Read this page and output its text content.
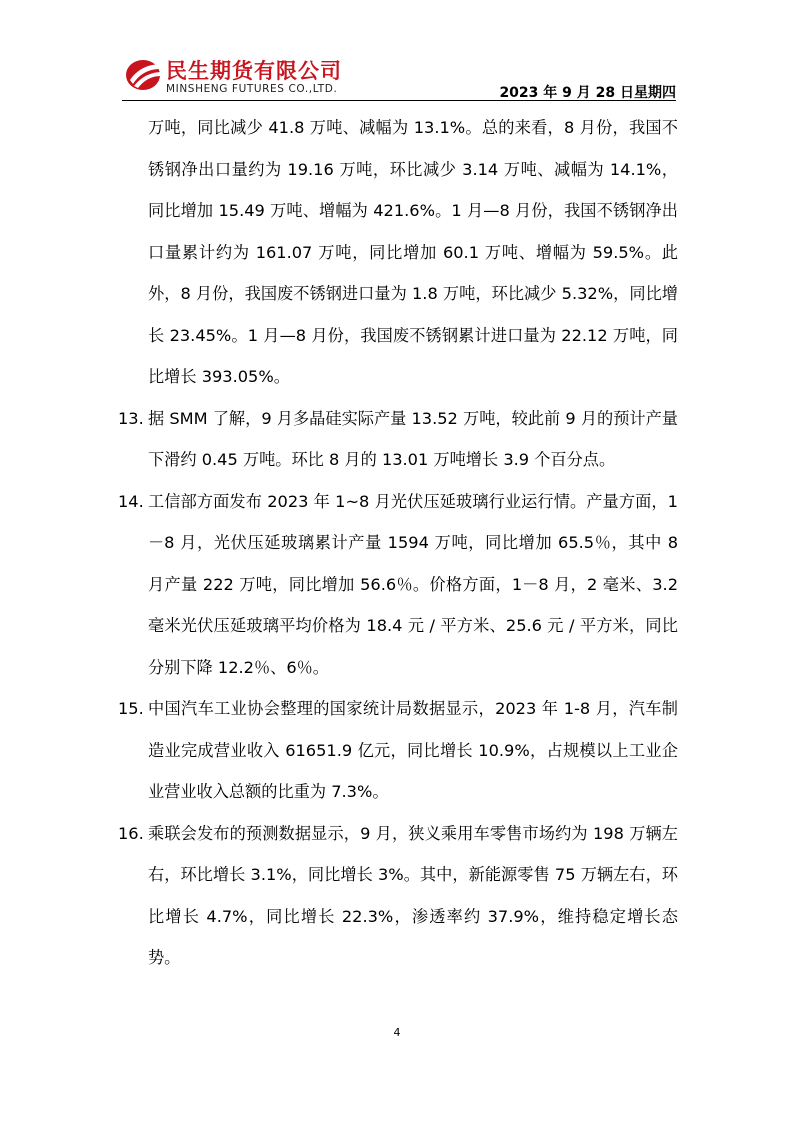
民生期货有限公司
MINSHENG FUTURES CO.,LTD.	2023 年 9 月 28 日星期四
万吨，同比减少 41.8 万吨、减幅为 13.1%。总的来看，8 月份，我国不锈钢净出口量约为 19.16 万吨，环比减少 3.14 万吨、减幅为 14.1%，同比增加 15.49 万吨、增幅为 421.6%。1 月—8 月份，我国不锈钢净出口量累计约为 161.07 万吨，同比增加 60.1 万吨、增幅为 59.5%。此外，8 月份，我国废不锈钢进口量为 1.8 万吨，环比减少 5.32%，同比增长 23.45%。1 月—8 月份，我国废不锈钢累计进口量为 22.12 万吨，同比增长 393.05%。
13. 据 SMM 了解，9 月多晶硅实际产量 13.52 万吨，较此前 9 月的预计产量下滑约 0.45 万吨。环比 8 月的 13.01 万吨增长 3.9 个百分点。
14. 工信部方面发布 2023 年 1~8 月光伏压延玻璃行业运行情。产量方面，1－8 月，光伏压延玻璃累计产量 1594 万吨，同比增加 65.5％，其中 8 月产量 222 万吨，同比增加 56.6％。价格方面，1－8 月，2 毫米、3.2 毫米光伏压延玻璃平均价格为 18.4 元 / 平方米、25.6 元 / 平方米，同比分别下降 12.2％、6％。
15. 中国汽车工业协会整理的国家统计局数据显示，2023 年 1-8 月，汽车制造业完成营业收入 61651.9 亿元，同比增长 10.9%，占规模以上工业企业营业收入总额的比重为 7.3%。
16. 乘联会发布的预测数据显示，9 月，狭义乘用车零售市场约为 198 万辆左右，环比增长 3.1%，同比增长 3%。其中，新能源零售 75 万辆左右，环比增长 4.7%，同比增长 22.3%，渗透率约 37.9%，维持稳定增长态势。
4
